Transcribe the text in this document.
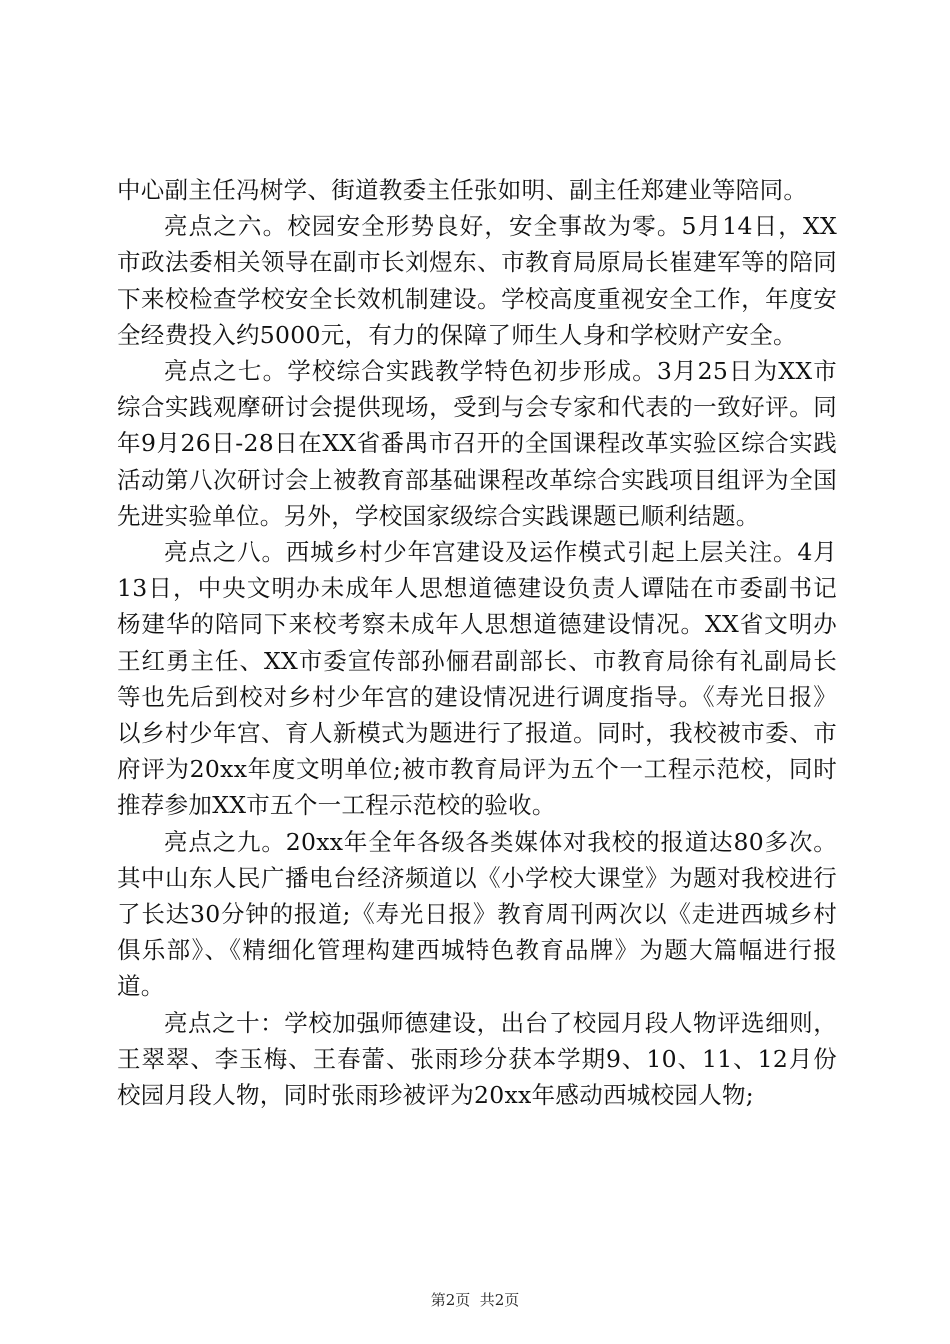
中心副主任冯树学、街道教委主任张如明、副主任郑建业等陪同。

亮点之六。校园安全形势良好，安全事故为零。5月14日，XX市政法委相关领导在副市长刘煜东、市教育局原局长崔建军等的陪同下来校检查学校安全长效机制建设。学校高度重视安全工作，年度安全经费投入约5000元，有力的保障了师生人身和学校财产安全。

亮点之七。学校综合实践教学特色初步形成。3月25日为XX市综合实践观摩研讨会提供现场，受到与会专家和代表的一致好评。同年9月26日-28日在XX省番禺市召开的全国课程改革实验区综合实践活动第八次研讨会上被教育部基础课程改革综合实践项目组评为全国先进实验单位。另外，学校国家级综合实践课题已顺利结题。

亮点之八。西城乡村少年宫建设及运作模式引起上层关注。4月13日，中央文明办未成年人思想道德建设负责人谭陆在市委副书记杨建华的陪同下来校考察未成年人思想道德建设情况。XX省文明办王红勇主任、XX市委宣传部孙俪君副部长、市教育局徐有礼副局长等也先后到校对乡村少年宫的建设情况进行调度指导。《寿光日报》以乡村少年宫、育人新模式为题进行了报道。同时，我校被市委、市府评为20xx年度文明单位;被市教育局评为五个一工程示范校，同时推荐参加XX市五个一工程示范校的验收。

亮点之九。20xx年全年各级各类媒体对我校的报道达80多次。其中山东人民广播电台经济频道以《小学校大课堂》为题对我校进行了长达30分钟的报道;《寿光日报》教育周刊两次以《走进西城乡村俱乐部》、《精细化管理构建西城特色教育品牌》为题大篇幅进行报道。

亮点之十：学校加强师德建设，出台了校园月段人物评选细则，王翠翠、李玉梅、王春蕾、张雨珍分获本学期9、10、11、12月份校园月段人物，同时张雨珍被评为20xx年感动西城校园人物;

第2页  共2页
